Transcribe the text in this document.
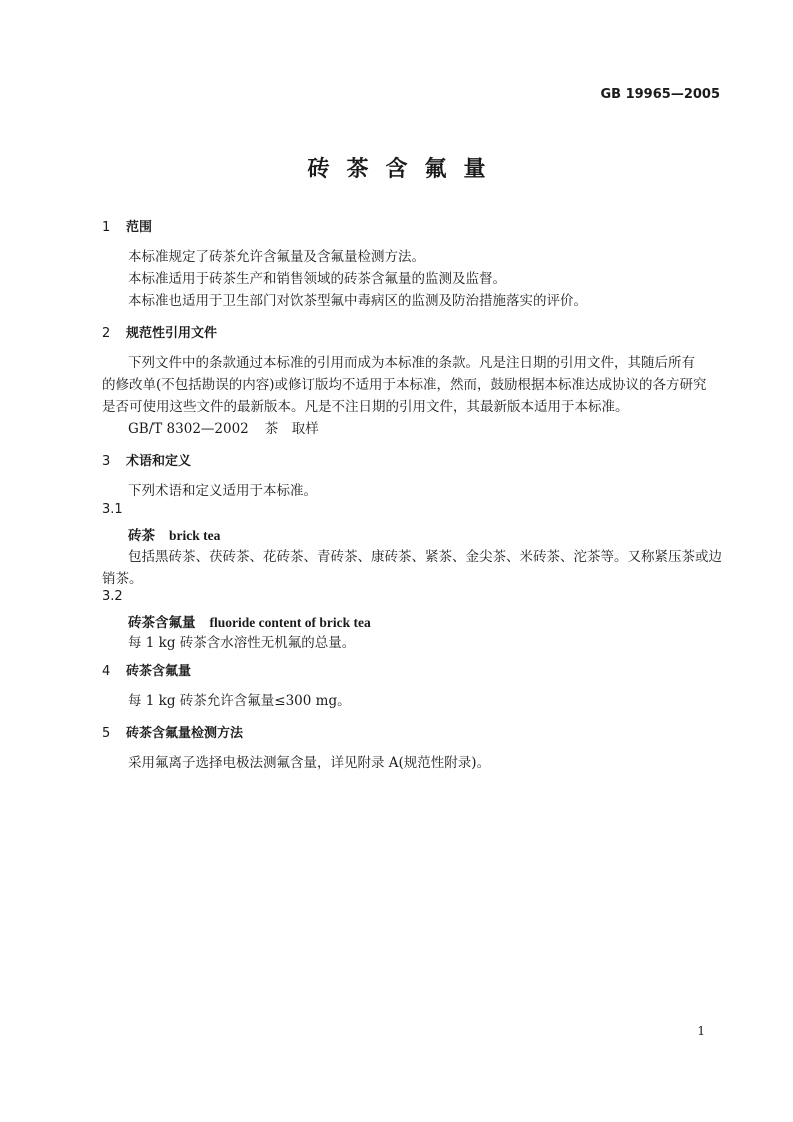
GB 19965—2005
砖茶含氟量
1 范围
本标准规定了砖茶允许含氟量及含氟量检测方法。
本标准适用于砖茶生产和销售领域的砖茶含氟量的监测及监督。
本标准也适用于卫生部门对饮茶型氟中毒病区的监测及防治措施落实的评价。
2 规范性引用文件
下列文件中的条款通过本标准的引用而成为本标准的条款。凡是注日期的引用文件，其随后所有
的修改单(不包括勘误的内容)或修订版均不适用于本标准，然而，鼓励根据本标准达成协议的各方研究
是否可使用这些文件的最新版本。凡是不注日期的引用文件，其最新版本适用于本标准。
GB/T 8302—2002 茶　取样
3 术语和定义
下列术语和定义适用于本标准。
3.1
砖茶 brick tea
包括黑砖茶、茯砖茶、花砖茶、青砖茶、康砖茶、紧茶、金尖茶、米砖茶、沱茶等。又称紧压茶或边
销茶。
3.2
砖茶含氟量 fluoride content of brick tea
每 1 kg 砖茶含水溶性无机氟的总量。
4 砖茶含氟量
每 1 kg 砖茶允许含氟量≤300 mg。
5 砖茶含氟量检测方法
采用氟离子选择电极法测氟含量，详见附录 A(规范性附录)。
1
